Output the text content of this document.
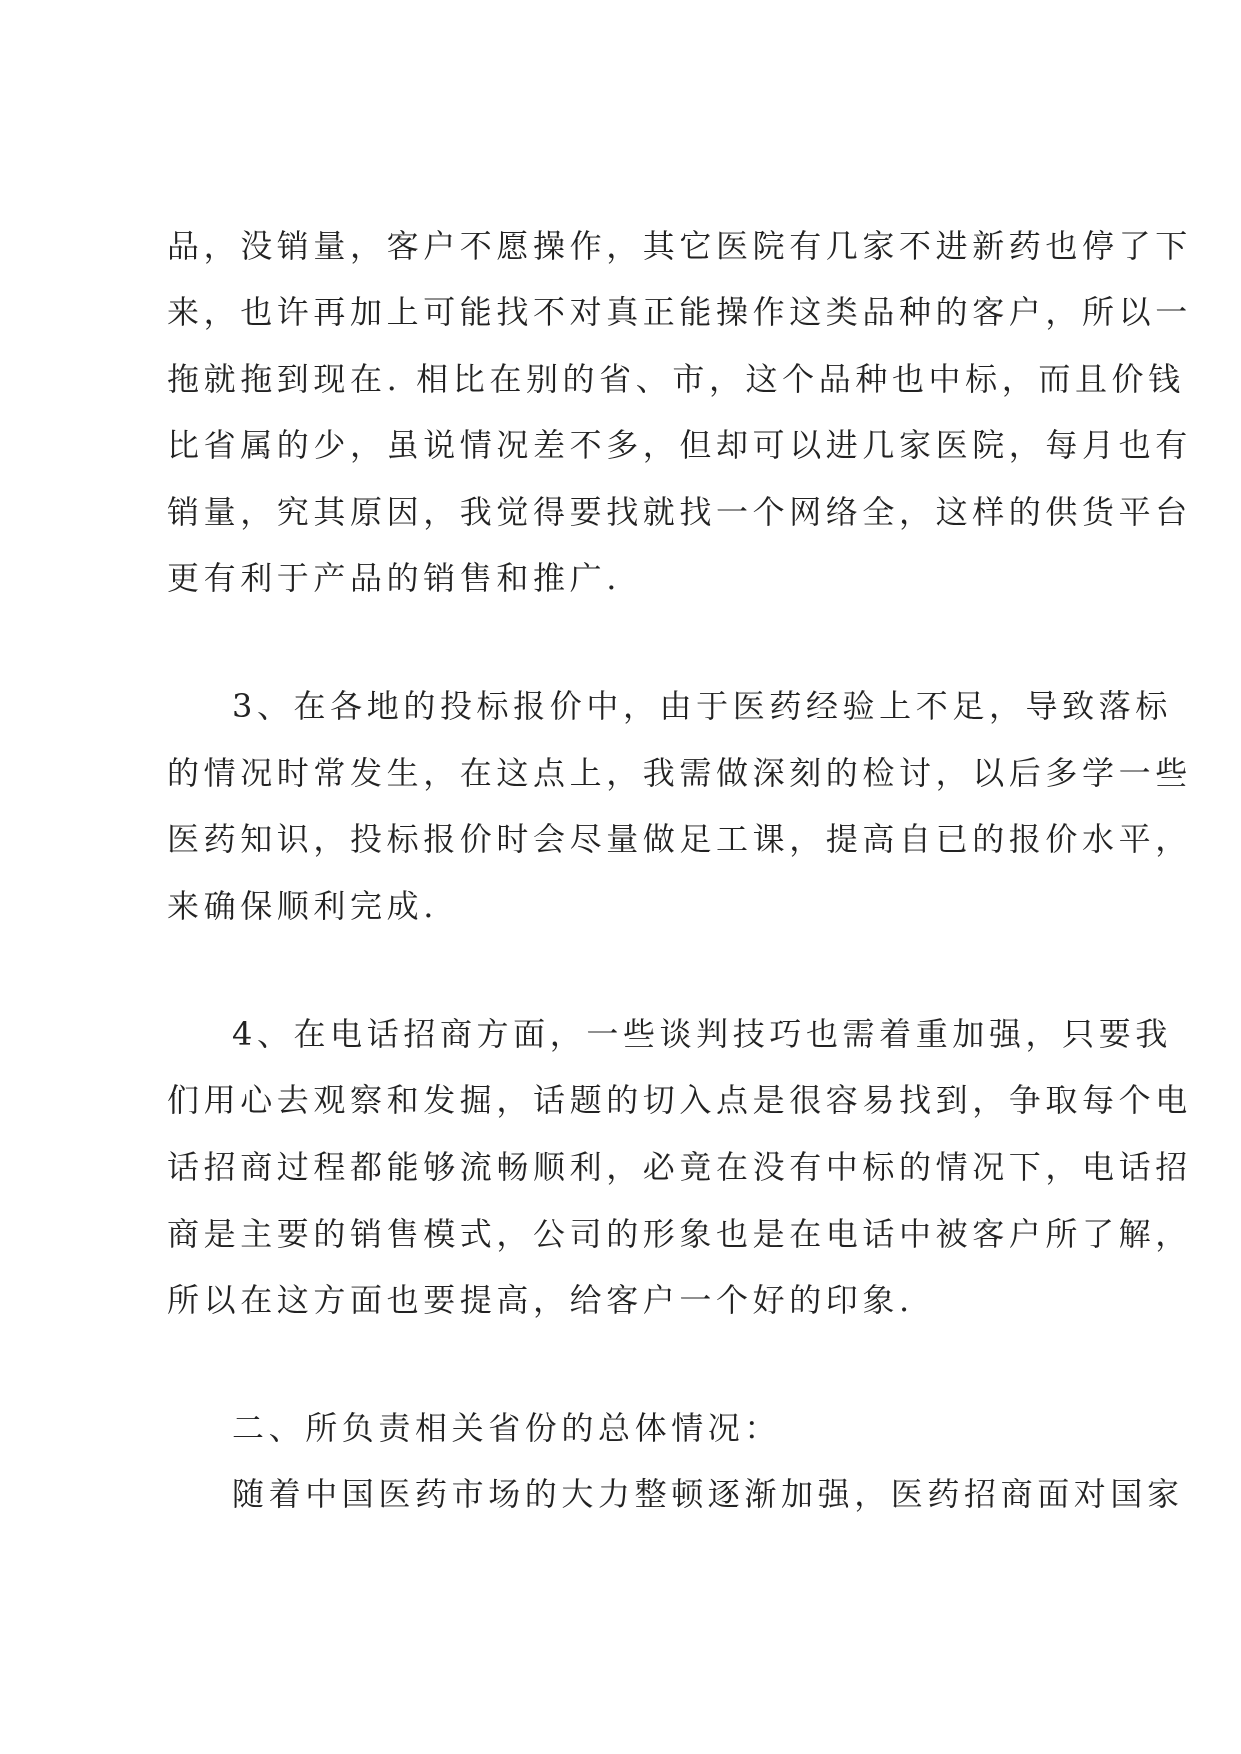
品，没销量，客户不愿操作，其它医院有几家不进新药也停了下

来，也许再加上可能找不对真正能操作这类品种的客户，所以一

拖就拖到现在. 相比在别的省、市，这个品种也中标，而且价钱

比省属的少，虽说情况差不多，但却可以进几家医院，每月也有

销量，究其原因，我觉得要找就找一个网络全，这样的供货平台

更有利于产品的销售和推广.

3、在各地的投标报价中，由于医药经验上不足，导致落标

的情况时常发生，在这点上，我需做深刻的检讨，以后多学一些

医药知识，投标报价时会尽量做足工课，提高自已的报价水平，

来确保顺利完成.

4、在电话招商方面，一些谈判技巧也需着重加强，只要我

们用心去观察和发掘，话题的切入点是很容易找到，争取每个电

话招商过程都能够流畅顺利，必竟在没有中标的情况下，电话招

商是主要的销售模式，公司的形象也是在电话中被客户所了解，

所以在这方面也要提高，给客户一个好的印象.

二、所负责相关省份的总体情况：

随着中国医药市场的大力整顿逐渐加强，医药招商面对国家
